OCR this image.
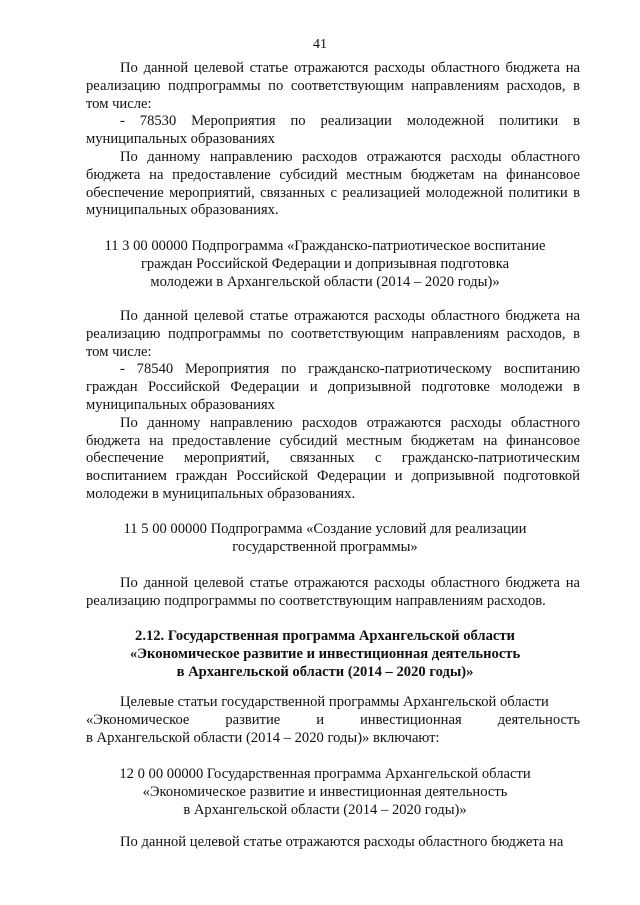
41

По данной целевой статье отражаются расходы областного бюджета на реализацию подпрограммы по соответствующим направлениям расходов, в том числе:

- 78530 Мероприятия по реализации молодежной политики в муниципальных образованиях

По данному направлению расходов отражаются расходы областного бюджета на предоставление субсидий местным бюджетам на финансовое обеспечение мероприятий, связанных с реализацией молодежной политики в муниципальных образованиях.

11 3 00 00000 Подпрограмма «Гражданско-патриотическое воспитание

граждан Российской Федерации и допризывная подготовка

молодежи в Архангельской области (2014 – 2020 годы)»

По данной целевой статье отражаются расходы областного бюджета на реализацию подпрограммы по соответствующим направлениям расходов, в том числе:

- 78540 Мероприятия по гражданско-патриотическому воспитанию граждан Российской Федерации и допризывной подготовке молодежи в муниципальных образованиях

По данному направлению расходов отражаются расходы областного бюджета на предоставление субсидий местным бюджетам на финансовое обеспечение мероприятий, связанных с гражданско-патриотическим воспитанием граждан Российской Федерации и допризывной подготовкой молодежи в муниципальных образованиях.

11 5 00 00000 Подпрограмма «Создание условий для реализации

государственной программы»

По данной целевой статье отражаются расходы областного бюджета на реализацию подпрограммы по соответствующим направлениям расходов.

2.12. Государственная программа Архангельской области

«Экономическое развитие и инвестиционная деятельность

в Архангельской области (2014 – 2020 годы)»

Целевые статьи государственной программы Архангельской области

«Экономическое развитие и инвестиционная деятельность

в Архангельской области (2014 – 2020 годы)» включают:

12 0 00 00000 Государственная программа Архангельской области

«Экономическое развитие и инвестиционная деятельность

в Архангельской области (2014 – 2020 годы)»

По данной целевой статье отражаются расходы областного бюджета на
